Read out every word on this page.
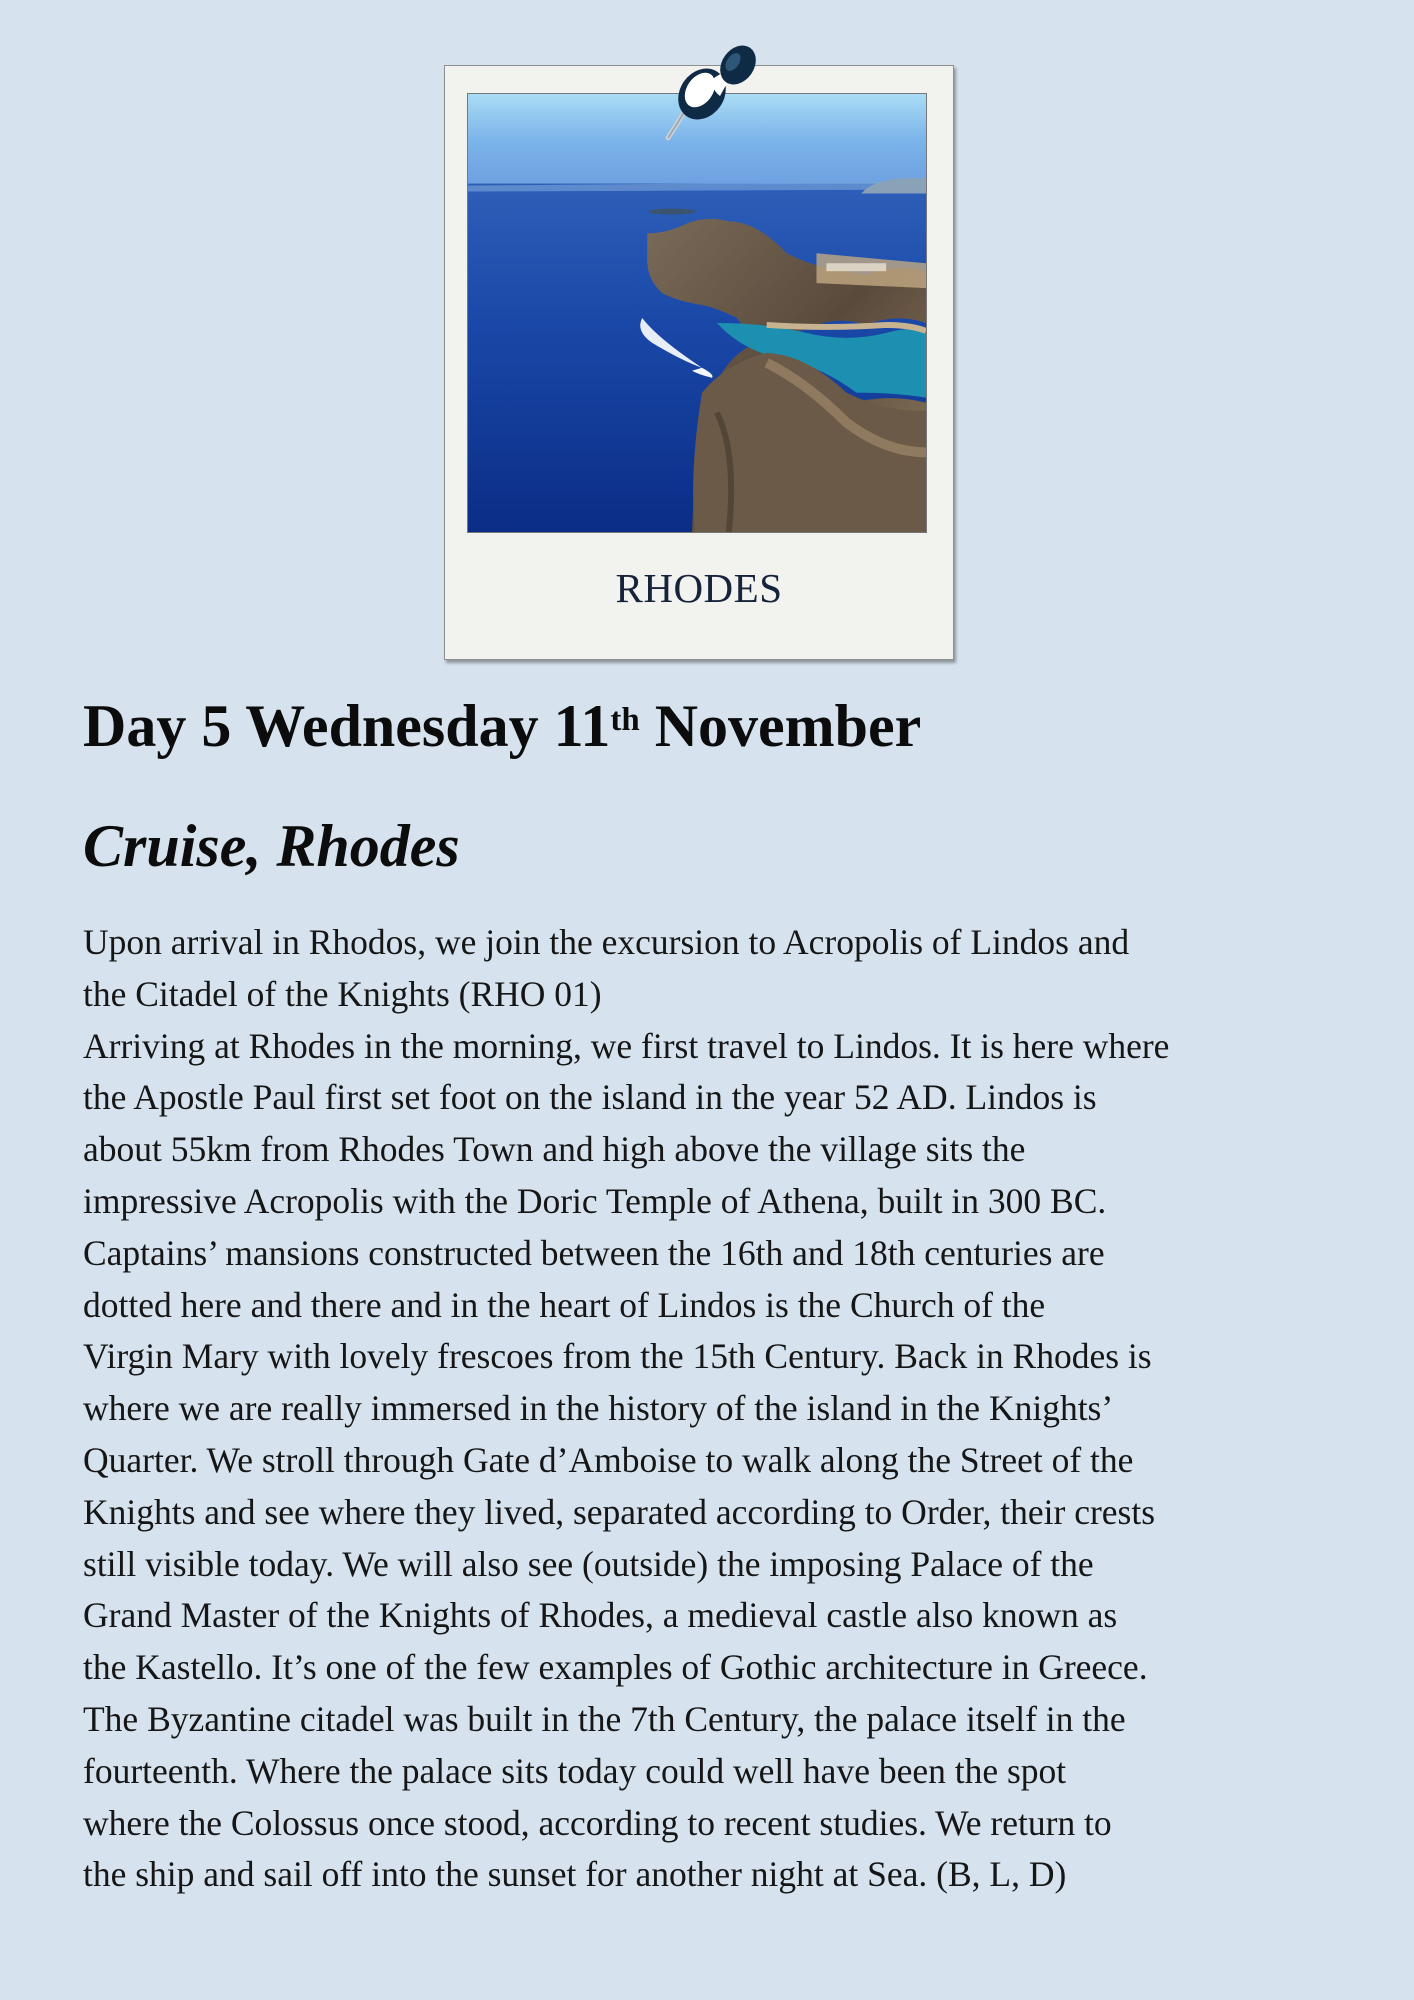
RHODES
Day 5 Wednesday 11th November
Cruise, Rhodes
Upon arrival in Rhodos, we join the excursion to Acropolis of Lindos and
the Citadel of the Knights (RHO 01)
Arriving at Rhodes in the morning, we first travel to Lindos. It is here where
the Apostle Paul first set foot on the island in the year 52 AD. Lindos is
about 55km from Rhodes Town and high above the village sits the
impressive Acropolis with the Doric Temple of Athena, built in 300 BC.
Captains’ mansions constructed between the 16th and 18th centuries are
dotted here and there and in the heart of Lindos is the Church of the
Virgin Mary with lovely frescoes from the 15th Century. Back in Rhodes is
where we are really immersed in the history of the island in the Knights’
Quarter. We stroll through Gate d’Amboise to walk along the Street of the
Knights and see where they lived, separated according to Order, their crests
still visible today. We will also see (outside) the imposing Palace of the
Grand Master of the Knights of Rhodes, a medieval castle also known as
the Kastello. It’s one of the few examples of Gothic architecture in Greece.
The Byzantine citadel was built in the 7th Century, the palace itself in the
fourteenth. Where the palace sits today could well have been the spot
where the Colossus once stood, according to recent studies. We return to
the ship and sail off into the sunset for another night at Sea. (B, L, D)
